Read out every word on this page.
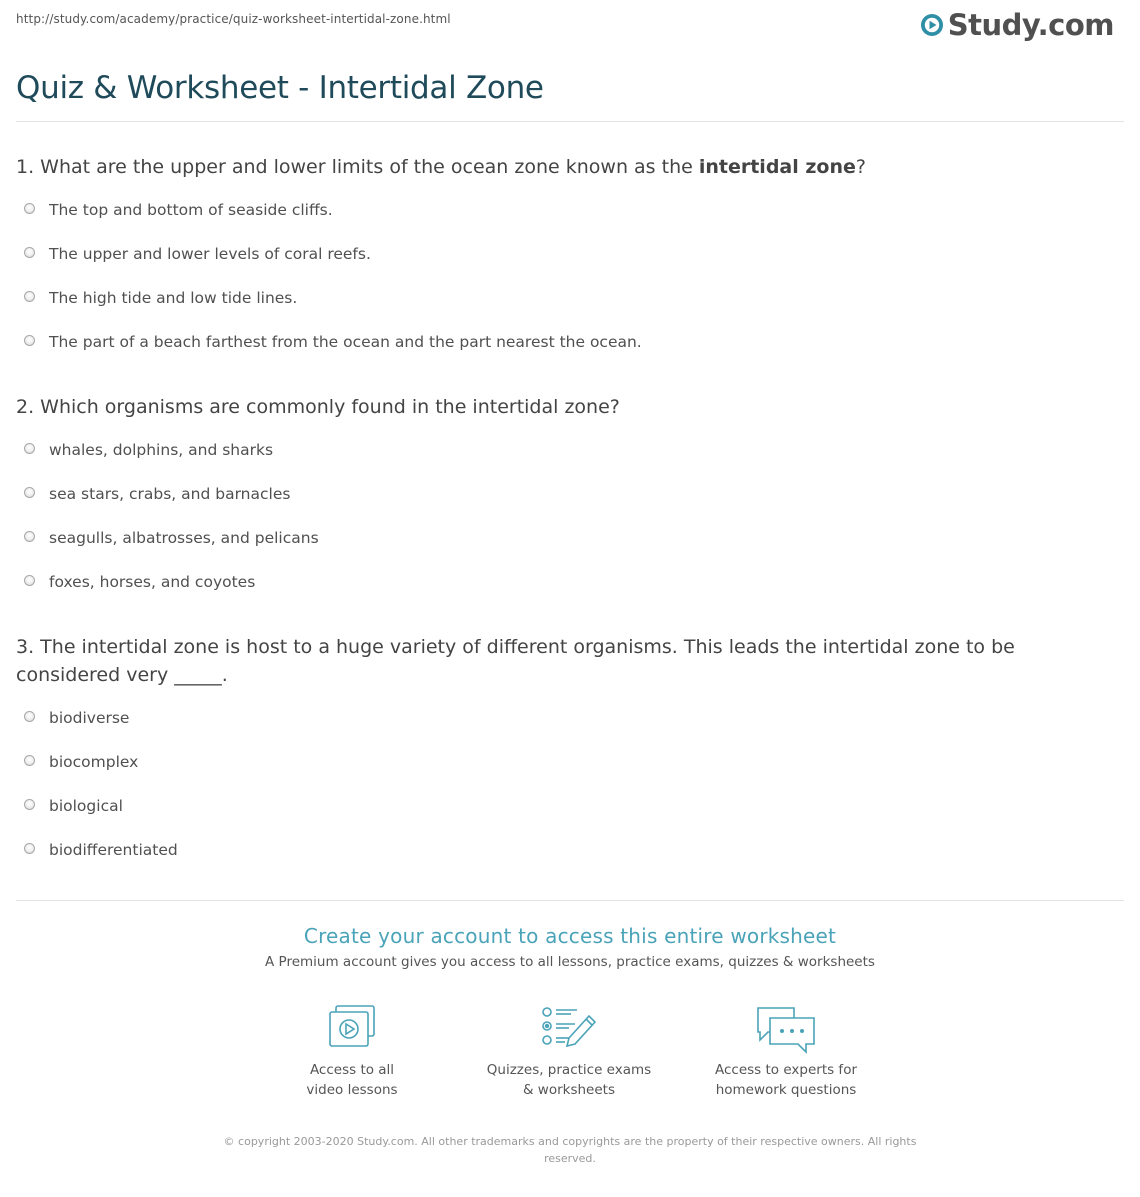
http://study.com/academy/practice/quiz-worksheet-intertidal-zone.html	Study.com
Quiz & Worksheet - Intertidal Zone
1. What are the upper and lower limits of the ocean zone known as the intertidal zone?
The top and bottom of seaside cliffs.
The upper and lower levels of coral reefs.
The high tide and low tide lines.
The part of a beach farthest from the ocean and the part nearest the ocean.
2. Which organisms are commonly found in the intertidal zone?
whales, dolphins, and sharks
sea stars, crabs, and barnacles
seagulls, albatrosses, and pelicans
foxes, horses, and coyotes
3. The intertidal zone is host to a huge variety of different organisms. This leads the intertidal zone to be considered very _____.
biodiverse
biocomplex
biological
biodifferentiated
Create your account to access this entire worksheet
A Premium account gives you access to all lessons, practice exams, quizzes & worksheets
Access to all
video lessons
Quizzes, practice exams
& worksheets
Access to experts for
homework questions
© copyright 2003-2020 Study.com. All other trademarks and copyrights are the property of their respective owners. All rights reserved.
